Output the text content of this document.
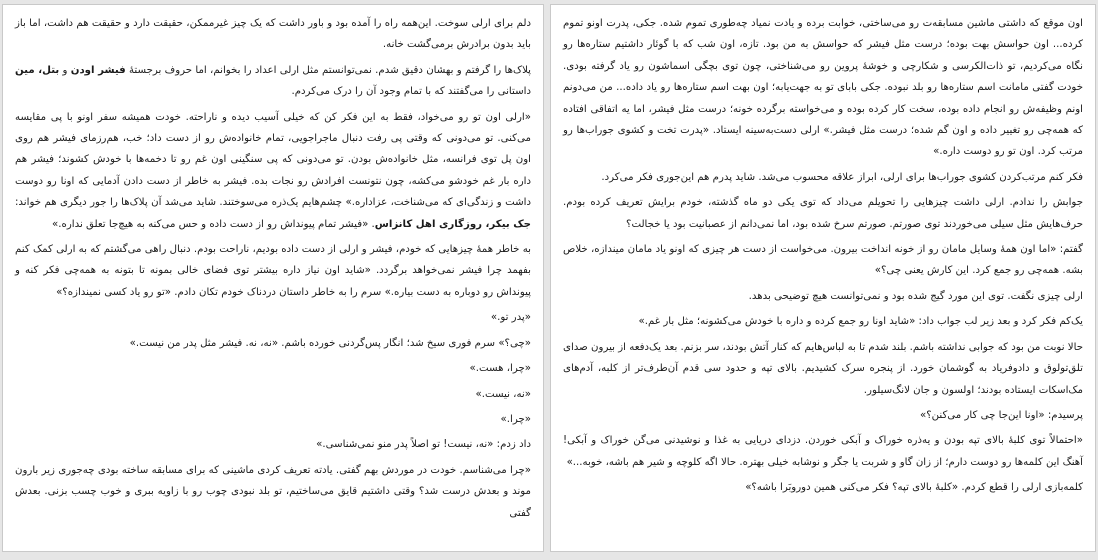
دلم برای ارلی سوخت. این‌همه راه را آمده بود و باور داشت که یک چیز غیرممکن، حقیقت دارد و حقیقت هم داشت، اما باز باید بدون برادرش برمی‌گشت خانه.

پلاک‌ها را گرفتم و بهشان دقیق شدم. نمی‌توانستم مثل ارلی اعداد را بخوانم، اما حروف برجستهٔ فیشر اودن و بتل، مین داستانی را می‌گفتند که با تمام وجود آن را درک می‌کردم.

«ارلی اون تو رو می‌خواد، فقط به این فکر کن که خیلی آسیب دیده و ناراحته. خودت همیشه سفر اونو با پی مقایسه می‌کنی. تو می‌دونی که وقتی پی رفت دنبال ماجراجویی، تمام خانواده‌ش رو از دست داد؛ خب، هم‌رزمای فیشر هم روی اون پل توی فرانسه، مثل خانواده‌ش بودن. تو می‌دونی که پی سنگینی اون غم رو تا دخمه‌ها با خودش کشوند؛ فیشر هم داره بار غم خودشو می‌کشه، چون نتونست افرادش رو نجات بده. فیشر به خاطر از دست دادن آدمایی که اونا رو دوست داشت و زندگی‌ای که می‌شناخت، عزاداره.» چشم‌هایم یک‌ذره می‌سوختند. شاید می‌شد آن پلاک‌ها را جور دیگری هم خواند: جک بیکر، روزگاری اهل کانزاس. «فیشر تمام پیونداش رو از دست داده و حس می‌کنه به هیچ‌جا تعلق نداره.»

به خاطر همهٔ چیزهایی که خودم، فیشر و ارلی از دست داده بودیم، ناراحت بودم. دنبال راهی می‌گشتم که به ارلی کمک کنم بفهمد چرا فیشر نمی‌خواهد برگردد. «شاید اون نیاز داره بیشتر توی فضای خالی بمونه تا بتونه به همه‌چی فکر کنه و پیونداش رو دوباره به دست بیاره.» سرم را به خاطر داستان دردناک خودم تکان دادم. «تو رو یاد کسی نمیندازه؟»

«پدر تو.»

«چی؟» سرم فوری سیخ شد؛ انگار پس‌گردنی خورده باشم. «نه، نه. فیشر مثل پدر من نیست.»

«چرا، هست.»

«نه، نیست.»

«چرا.»

داد زدم: «نه، نیست! تو اصلاً پدر منو نمی‌شناسی.»

«چرا می‌شناسم. خودت در موردش بهم گفتی. یادته تعریف کردی ماشینی که برای مسابقه ساخته بودی چه‌جوری زیر بارون موند و بعدش درست شد؟ وقتی داشتیم قایق می‌ساختیم، تو بلد نبودی چوب رو با زاویه ببری و خوب چسب بزنی. بعدش گفتی

اون موقع که داشتی ماشین مسابقه‌ت رو می‌ساختی، خوابت برده و یادت نمیاد چه‌طوری تموم شده. جکی، پدرت اونو تموم کرده... اون حواسش بهت بوده؛ درست مثل فیشر که حواسش به من بود. تازه، اون شب که با گوئار داشتیم ستاره‌ها رو نگاه می‌کردیم، تو ذات‌الکرسی و شکارچی و خوشهٔ پروین رو می‌شناختی، چون توی بچگی اسماشون رو یاد گرفته بودی. خودت گفتی مامانت اسم ستاره‌ها رو بلد نبوده. جکی بابای تو به جهت‌یابه؛ اون بهت اسم ستاره‌ها رو یاد داده... من می‌دونم اونم وظیفه‌ش رو انجام داده بوده، سخت کار کرده بوده و می‌خواسته برگرده خونه؛ درست مثل فیشر، اما یه اتفاقی افتاده که همه‌چی رو تغییر داده و اون گم شده؛ درست مثل فیشر.» ارلی دست‌به‌سینه ایستاد. «پدرت تخت و کشوی جوراب‌ها رو مرتب کرد. اون تو رو دوست داره.»

فکر کنم مرتب‌کردن کشوی جوراب‌ها برای ارلی، ابراز علاقه محسوب می‌شد. شاید پدرم هم این‌جوری فکر می‌کرد.

جوابش را ندادم. ارلی داشت چیزهایی را تحویلم می‌داد که توی یکی دو ماه گذشته، خودم برایش تعریف کرده بودم. حرف‌هایش مثل سیلی می‌خوردند توی صورتم. صورتم سرخ شده بود، اما نمی‌دانم از عصبانیت بود یا خجالت؟

گفتم: «اما اون همهٔ وسایل مامان رو از خونه انداخت بیرون. می‌خواست از دست هر چیزی که اونو یاد مامان میندازه، خلاص بشه. همه‌چی رو جمع کرد. این کارش یعنی چی؟»

ارلی چیزی نگفت. توی این مورد گیج شده بود و نمی‌توانست هیچ توضیحی بدهد.

یک‌کم فکر کرد و بعد زیر لب جواب داد: «شاید اونا رو جمع کرده و داره با خودش می‌کشونه؛ مثل بار غم.»

حالا نوبت من بود که جوابی نداشته باشم. بلند شدم تا به لباس‌هایم که کنار آتش بودند، سر بزنم. بعد یک‌دفعه از بیرون صدای تلق‌تولوق و دادوفریاد به گوشمان خورد. از پنجره سرک کشیدیم. بالای تپه و حدود سی قدم آن‌طرف‌تر از کلبه، آدم‌های مک‌اسکات ایستاده بودند؛ اولسون و جان لانگ‌سیلور.

پرسیدم: «اونا این‌جا چی کار می‌کنن؟»

«احتمالاً توی کلبهٔ بالای تپه بودن و یه‌ذره خوراک و آبکی خوردن. دزدای دریایی به غذا و نوشیدنی می‌گن خوراک و آبکی! آهنگ این کلمه‌ها رو دوست دارم؛ از زان گاو و شربت یا جگر و نوشابه خیلی بهتره. حالا اگه کلوچه و شیر هم باشه، خوبه...»

کلمه‌بازی ارلی را قطع کردم. «کلبهٔ بالای تپه؟ فکر می‌کنی همین دوروبَرا باشه؟»
